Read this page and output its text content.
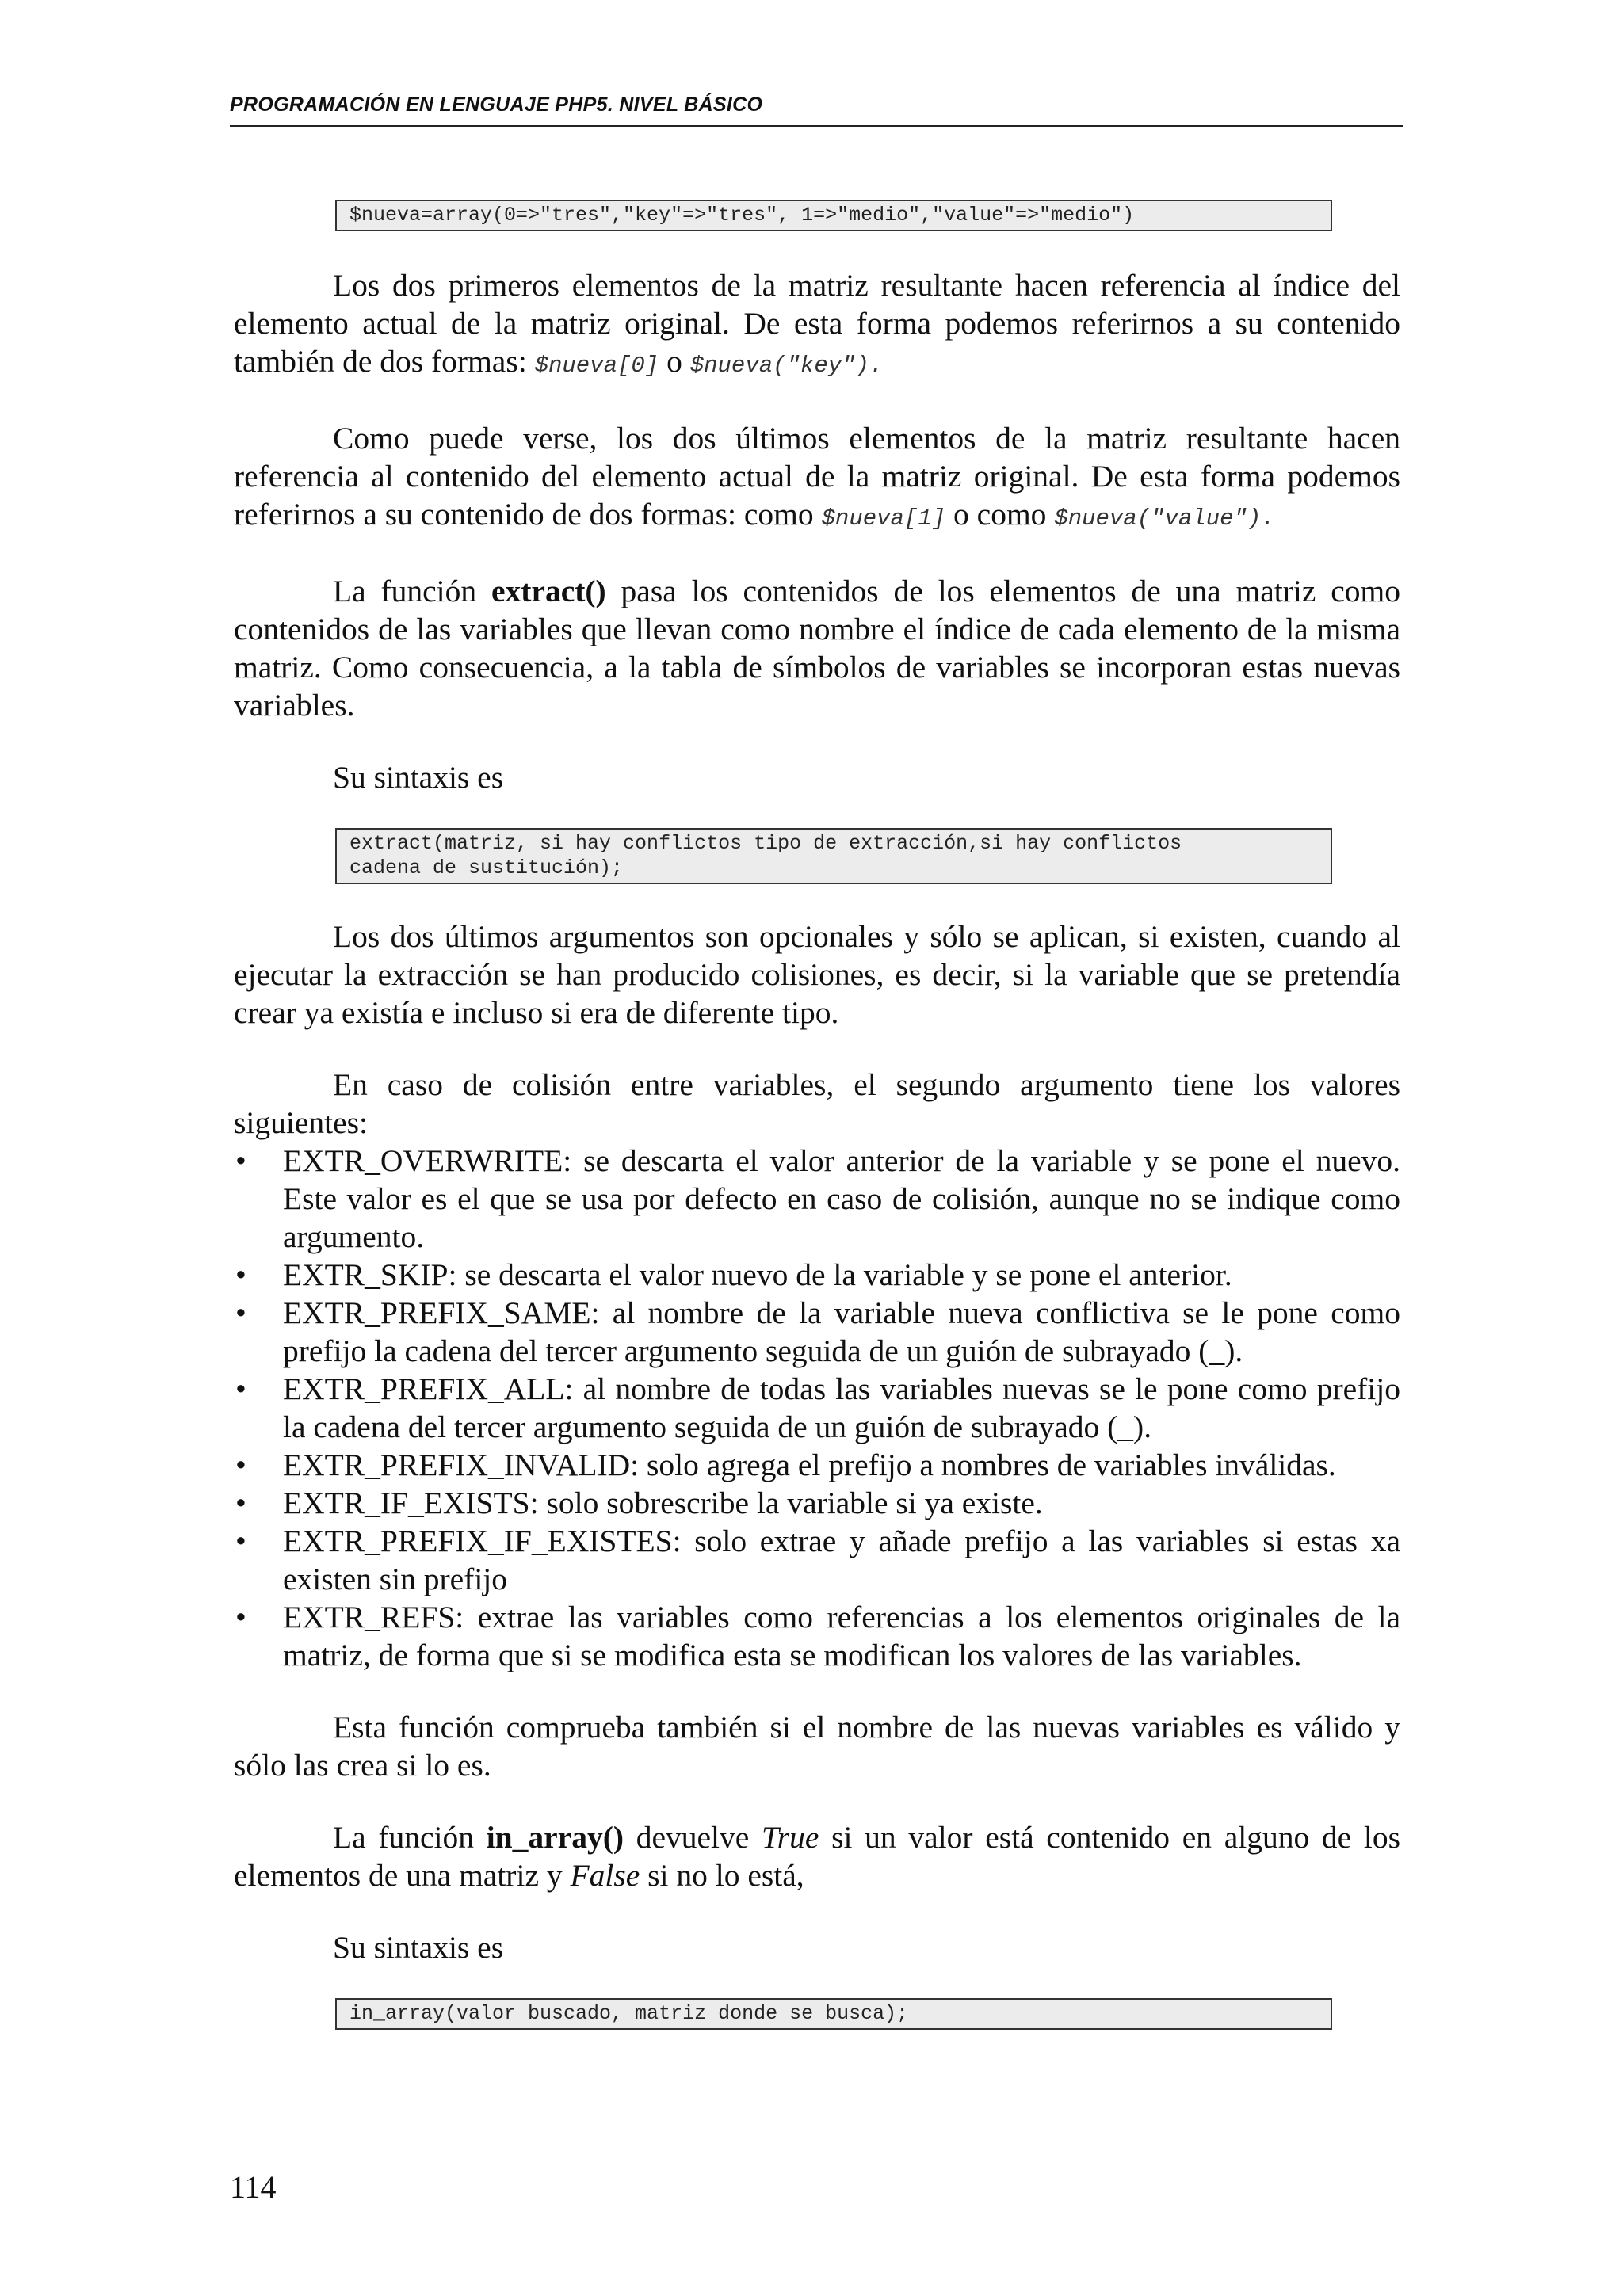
PROGRAMACIÓN EN LENGUAJE PHP5. NIVEL BÁSICO
$nueva=array(0=>"tres","key"=>"tres", 1=>"medio","value"=>"medio")

Los dos primeros elementos de la matriz resultante hacen referencia al índice del elemento actual de la matriz original. De esta forma podemos referirnos a su contenido también de dos formas: $nueva[0] o $nueva("key").

Como puede verse, los dos últimos elementos de la matriz resultante hacen referencia al contenido del elemento actual de la matriz original. De esta forma podemos referirnos a su contenido de dos formas: como $nueva[1] o como $nueva("value").

La función extract() pasa los contenidos de los elementos de una matriz como contenidos de las variables que llevan como nombre el índice de cada elemento de la misma matriz. Como consecuencia, a la tabla de símbolos de variables se incorporan estas nuevas variables.

Su sintaxis es

extract(matriz, si hay conflictos tipo de extracción,si hay conflictos
cadena de sustitución);

Los dos últimos argumentos son opcionales y sólo se aplican, si existen, cuando al ejecutar la extracción se han producido colisiones, es decir, si la variable que se pretendía crear ya existía e incluso si era de diferente tipo.

En caso de colisión entre variables, el segundo argumento tiene los valores siguientes:

• EXTR_OVERWRITE: se descarta el valor anterior de la variable y se pone el nuevo. Este valor es el que se usa por defecto en caso de colisión, aunque no se indique como argumento.
• EXTR_SKIP: se descarta el valor nuevo de la variable y se pone el anterior.
• EXTR_PREFIX_SAME: al nombre de la variable nueva conflictiva se le pone como prefijo la cadena del tercer argumento seguida de un guión de subrayado (_).
• EXTR_PREFIX_ALL: al nombre de todas las variables nuevas se le pone como prefijo la cadena del tercer argumento seguida de un guión de subrayado (_).
• EXTR_PREFIX_INVALID: solo agrega el prefijo a nombres de variables inválidas.
• EXTR_IF_EXISTS: solo sobrescribe la variable si ya existe.
• EXTR_PREFIX_IF_EXISTES: solo extrae y añade prefijo a las variables si estas xa existen sin prefijo
• EXTR_REFS: extrae las variables como referencias a los elementos originales de la matriz, de forma que si se modifica esta se modifican los valores de las variables.

Esta función comprueba también si el nombre de las nuevas variables es válido y sólo las crea si lo es.

La función in_array() devuelve True si un valor está contenido en alguno de los elementos de una matriz y False si no lo está,

Su sintaxis es

in_array(valor buscado, matriz donde se busca);
114
